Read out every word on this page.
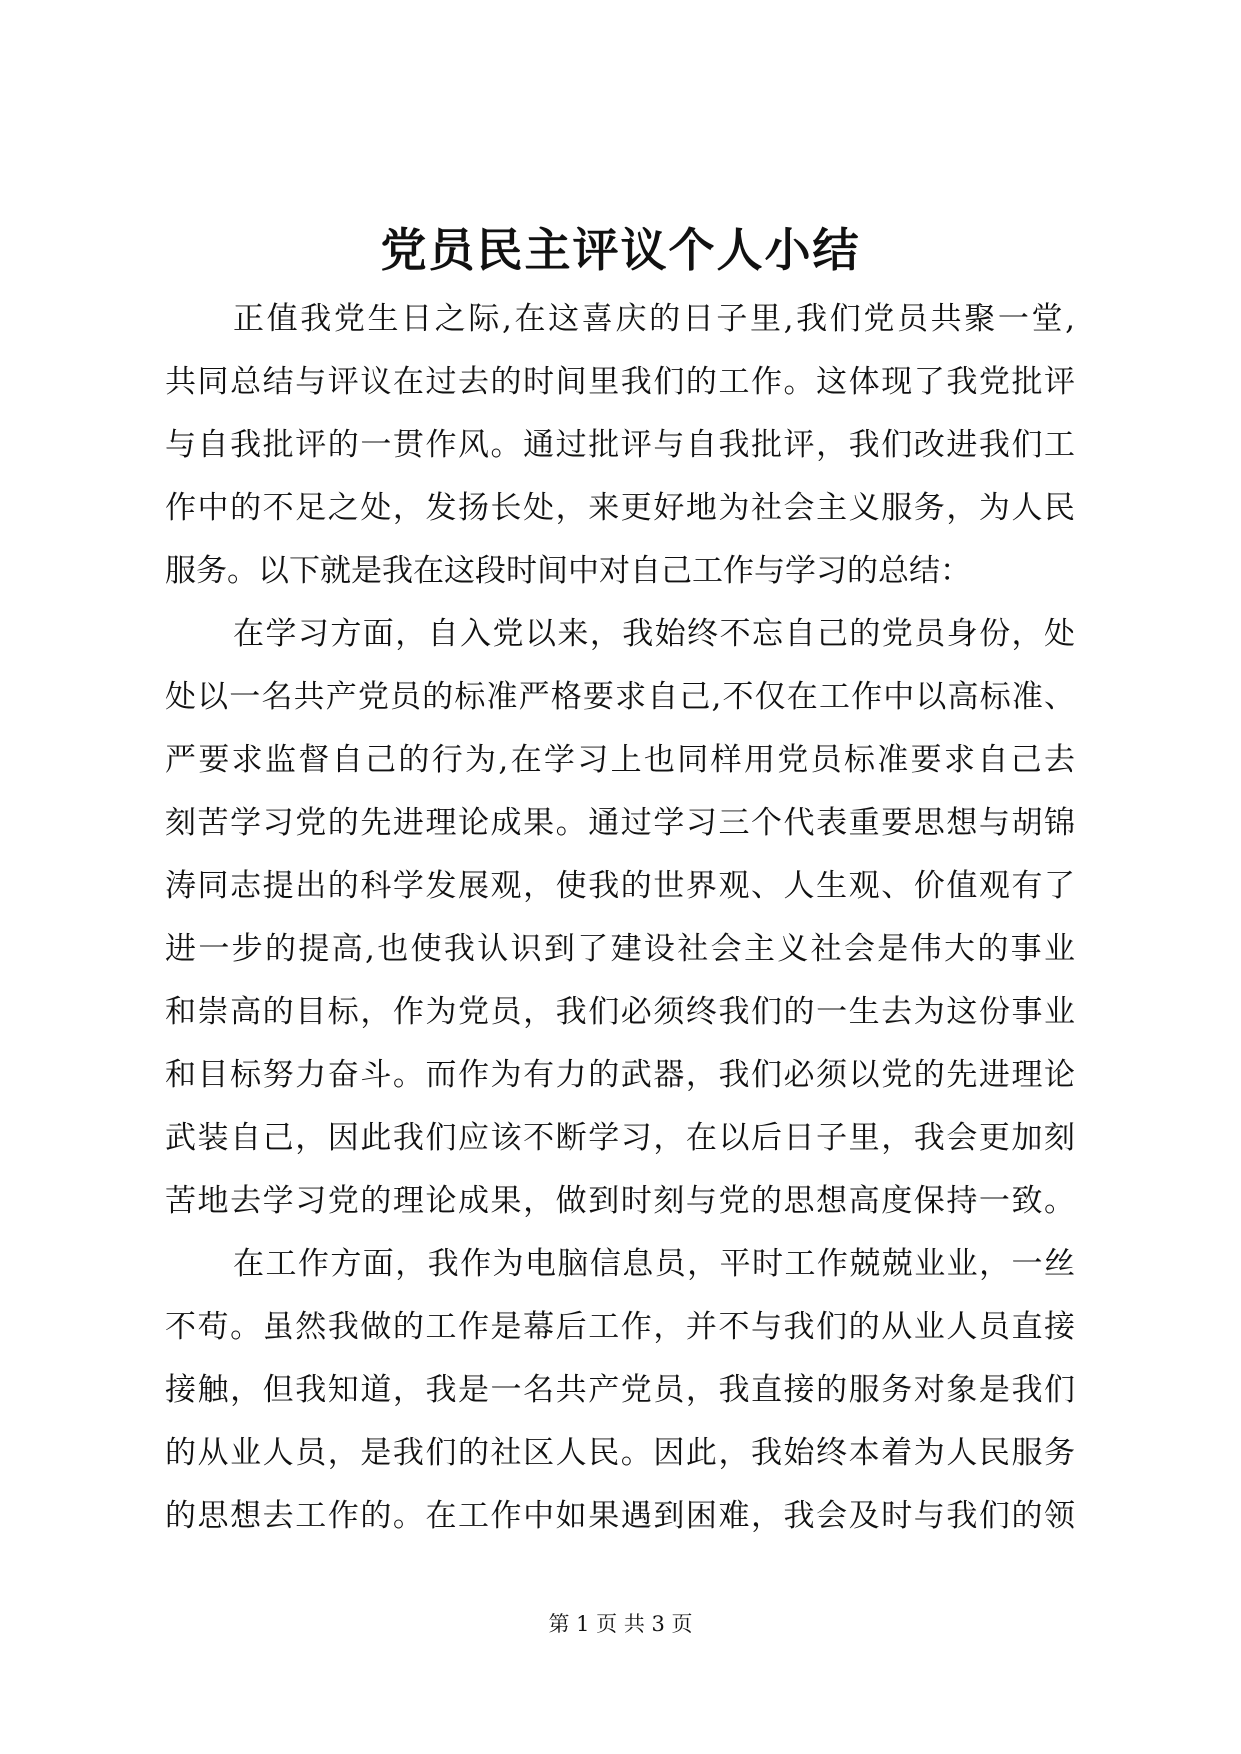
党员民主评议个人小结
正值我党生日之际,在这喜庆的日子里,我们党员共聚一堂,
共同总结与评议在过去的时间里我们的工作。这体现了我党批评
与自我批评的一贯作风。通过批评与自我批评，我们改进我们工
作中的不足之处，发扬长处，来更好地为社会主义服务，为人民
服务。以下就是我在这段时间中对自己工作与学习的总结：
在学习方面，自入党以来，我始终不忘自己的党员身份，处
处以一名共产党员的标准严格要求自己,不仅在工作中以高标准、
严要求监督自己的行为,在学习上也同样用党员标准要求自己去
刻苦学习党的先进理论成果。通过学习三个代表重要思想与胡锦
涛同志提出的科学发展观，使我的世界观、人生观、价值观有了
进一步的提高,也使我认识到了建设社会主义社会是伟大的事业
和崇高的目标，作为党员，我们必须终我们的一生去为这份事业
和目标努力奋斗。而作为有力的武器，我们必须以党的先进理论
武装自己，因此我们应该不断学习，在以后日子里，我会更加刻
苦地去学习党的理论成果，做到时刻与党的思想高度保持一致。
在工作方面，我作为电脑信息员，平时工作兢兢业业，一丝
不苟。虽然我做的工作是幕后工作，并不与我们的从业人员直接
接触，但我知道，我是一名共产党员，我直接的服务对象是我们
的从业人员，是我们的社区人民。因此，我始终本着为人民服务
的思想去工作的。在工作中如果遇到困难，我会及时与我们的领
第 1 页 共 3 页
